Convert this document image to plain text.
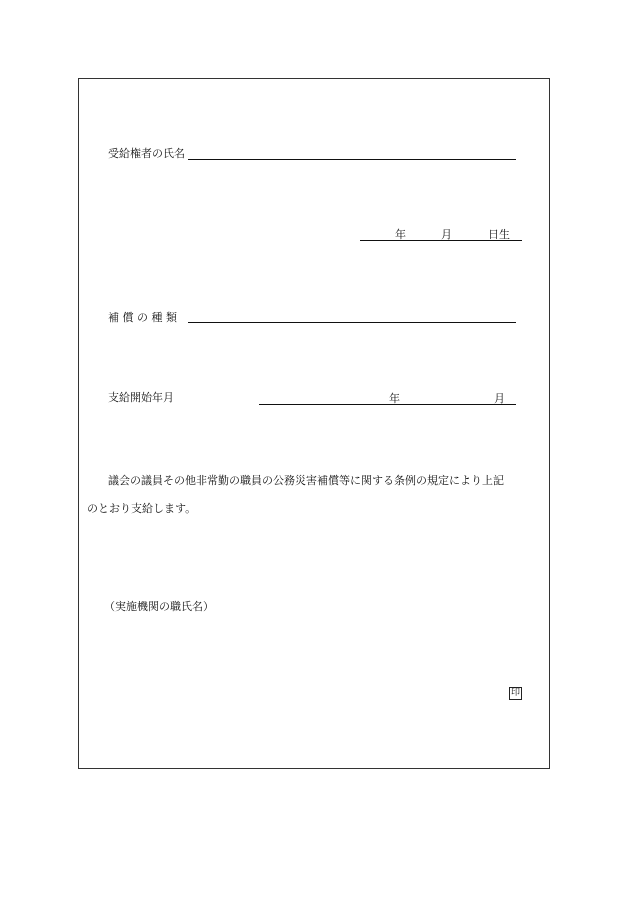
受給権者の氏名
年	月	日生
補 償 の 種 類
支給開始年月	年	月
議会の議員その他非常勤の職員の公務災害補償等に関する条例の規定により上記
のとおり支給します。
（実施機関の職氏名）
印
